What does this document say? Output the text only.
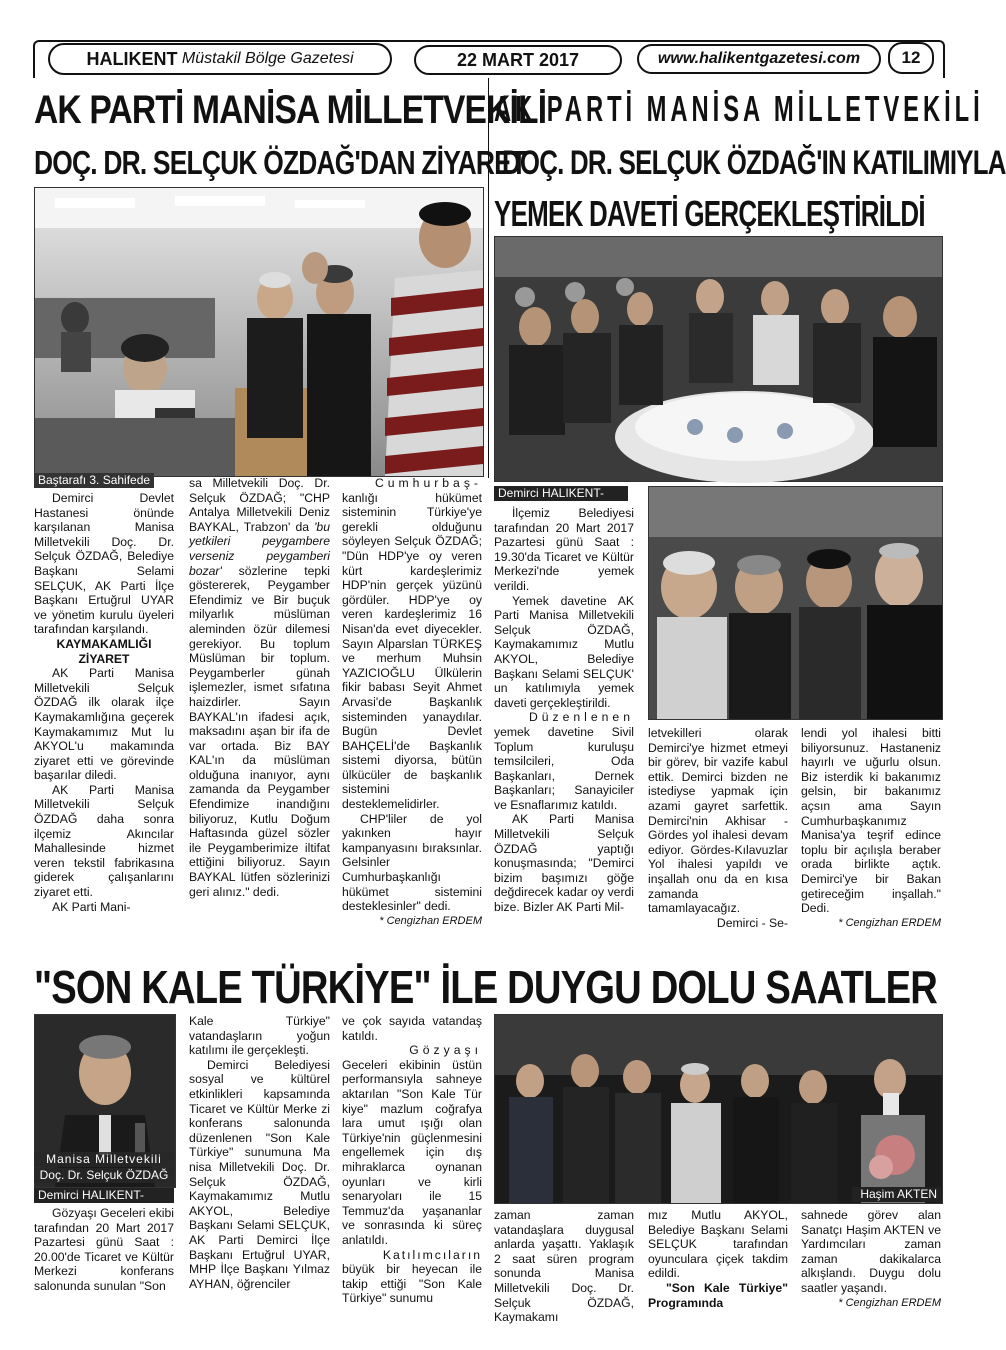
HALIKENT
Müstakil Bölge Gazetesi	22 MART 2017	www.halikentgazetesi.com	12
AK PARTİ MANİSA MİLLETVEKİLİ
DOÇ. DR. SELÇUK ÖZDAĞ'DAN ZİYARET
AK PARTİ MANİSA MİLLETVEKİLİ
DOÇ. DR. SELÇUK ÖZDAĞ'IN KATILIMIYLA
YEMEK DAVETİ GERÇEKLEŞTİRİLDİ
Baştarafı 3. Sahifede

Demirci Devlet Hastanesi önünde karşılanan Manisa Milletvekili Doç. Dr. Selçuk ÖZDAĞ, Belediye Başkanı Selami SELÇUK, AK Parti İlçe Başkanı Ertuğrul UYAR ve yönetim kurulu üyeleri tarafından karşılandı.

KAYMAKAMLIĞI ZİYARET

AK Parti Manisa Milletvekili Selçuk ÖZDAĞ ilk olarak ilçe Kaymakamlığına geçerek Kaymakamımız Mut lu AKYOL'u makamında ziyaret etti ve görevinde başarılar diledi.

AK Parti Manisa Milletvekili Selçuk ÖZDAĞ daha sonra ilçemiz Akıncılar Mahallesinde hizmet veren tekstil fabrikasına giderek çalışanlarını ziyaret etti.

AK Parti Mani-

sa Milletvekili Doç. Dr. Selçuk ÖZDAĞ; "CHP Antalya Milletvekili Deniz BAYKAL, Trabzon' da 'bu yetkileri peygambere verseniz peygamberi bozar' sözlerine tepki göstererek, Peygamber Efendimiz ve Bir buçuk milyarlık müslüman aleminden özür dilemesi gerekiyor. Bu toplum Müslüman bir toplum. Peygamberler günah işlemezler, ismet sıfatına haizdirler. Sayın BAYKAL'ın ifadesi açık, maksadını aşan bir ifa de var ortada. Biz BAY KAL'ın da müslüman olduğuna inanıyor, aynı zamanda da Peygamber Efendimize inandığını biliyoruz, Kutlu Doğum Haftasında güzel sözler ile Peygamberimize iltifat ettiğini biliyoruz. Sayın BAYKAL lütfen sözlerinizi geri alınız." dedi.

Cumhurbaş-

kanlığı hükümet sisteminin Türkiye'ye gerekli olduğunu söyleyen Selçuk ÖZDAĞ; "Dün HDP'ye oy veren kürt kardeşlerimiz HDP'nin gerçek yüzünü gördüler. HDP'ye oy veren kardeşlerimiz 16 Nisan'da evet diyecekler. Sayın Alparslan TÜRKEŞ ve merhum Muhsin YAZICIOĞLU Ülkülerin fikir babası Seyit Ahmet Arvasi'de Başkanlık sisteminden yanaydılar. Bugün Devlet BAHÇELİ'de Başkanlık sistemi diyorsa, bütün ülkücüler de başkanlık sistemini desteklemelidirler.

CHP'liler de yol yakınken hayır kampanyasını bıraksınlar. Gelsinler Cumhurbaşkanlığı hükümet sistemini desteklesinler" dedi.

* Cengizhan ERDEM

Demirci HALIKENT-

İlçemiz Belediyesi tarafından 20 Mart 2017 Pazartesi günü Saat : 19.30'da Ticaret ve Kültür Merkezi'nde yemek verildi.

Yemek davetine AK Parti Manisa Milletvekili Selçuk ÖZDAĞ, Kaymakamımız Mutlu AKYOL, Belediye Başkanı Selami SELÇUK' un katılımıyla yemek daveti gerçekleştirildi.

Düzenlenen

yemek davetine Sivil Toplum kuruluşu temsilcileri, Oda Başkanları, Dernek Başkanları; Sanayiciler ve Esnaflarımız katıldı.

AK Parti Manisa Milletvekili Selçuk ÖZDAĞ yaptığı konuşmasında; "Demirci bizim başımızı göğe değdirecek kadar oy verdi bize. Bizler AK Parti Mil-

letvekilleri olarak Demirci'ye hizmet etmeyi bir görev, bir vazife kabul ettik. Demirci bizden ne istediyse yapmak için azami gayret sarfettik. Demirci'nin Akhisar - Gördes yol ihalesi devam ediyor. Gördes-Kılavuzlar Yol ihalesi yapıldı ve inşallah onu da en kısa zamanda tamamlayacağız.

Demirci - Se-

lendi yol ihalesi bitti biliyorsunuz. Hastaneniz hayırlı ve uğurlu olsun. Biz isterdik ki bakanımız gelsin, bir bakanımız açsın ama Sayın Cumhurbaşkanımız Manisa'ya teşrif edince toplu bir açılışla beraber orada birlikte açtık. Demirci'ye bir Bakan getireceğim inşallah." Dedi.

* Cengizhan ERDEM

"SON KALE TÜRKİYE" İLE DUYGU DOLU SAATLER
Manisa Milletvekili
Doç. Dr. Selçuk ÖZDAĞ
Demirci HALIKENT-

Gözyaşı Geceleri ekibi tarafından 20 Mart 2017 Pazartesi günü Saat : 20.00'de Ticaret ve Kültür Merkezi konferans salonunda sunulan "Son

Kale Türkiye" vatandaşların yoğun katılımı ile gerçekleşti.

Demirci Belediyesi sosyal ve kültürel etkinlikleri kapsamında Ticaret ve Kültür Merke zi konferans salonunda düzenlenen "Son Kale Türkiye" sunumuna Ma nisa Milletvekili Doç. Dr. Selçuk ÖZDAĞ, Kaymakamımız Mutlu AKYOL, Belediye Başkanı Selami SELÇUK, AK Parti Demirci İlçe Başkanı Ertuğrul UYAR, MHP İlçe Başkanı Yılmaz AYHAN, öğrenciler

ve çok sayıda vatandaş katıldı.

Gözyaşı

Geceleri ekibinin üstün performansıyla sahneye aktarılan "Son Kale Tür kiye" mazlum coğrafya lara umut ışığı olan Türkiye'nin güçlenmesini engellemek için dış mihraklarca oynanan oyunları ve kirli senaryoları ile 15 Temmuz'da yaşananlar ve sonrasında ki süreç anlatıldı.

Katılımcıların

büyük bir heyecan ile takip ettiği "Son Kale Türkiye" sunumu

Haşim AKTEN

zaman zaman vatandaşlara duygusal anlarda yaşattı. Yaklaşık 2 saat süren program sonunda Manisa Milletvekili Doç. Dr. Selçuk ÖZDAĞ, Kaymakamı

mız Mutlu AKYOL, Belediye Başkanı Selami SELÇUK tarafından oyunculara çiçek takdim edildi.

"Son Kale Türkiye" Programında

sahnede görev alan Sanatçı Haşim AKTEN ve Yardımcıları zaman zaman dakikalarca alkışlandı. Duygu dolu saatler yaşandı.

* Cengizhan ERDEM
